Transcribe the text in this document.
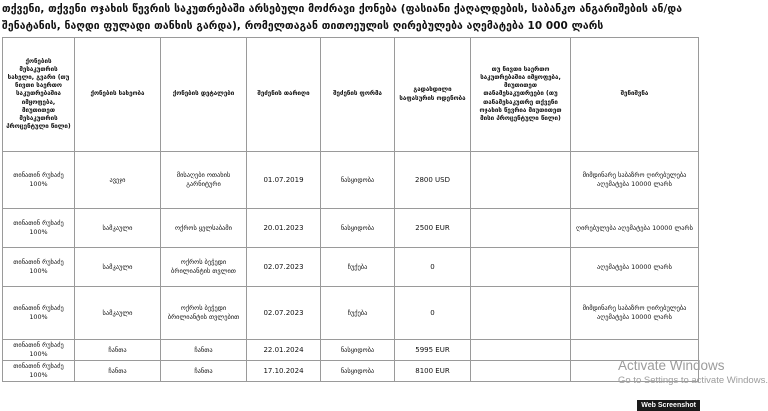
თქვენი, თქვენი ოჯახის წევრის საკუთრებაში არსებული მოძრავი ქონება (ფასიანი ქაღალდების, საბანკო ანგარიშების ან/და შენატანის, ნაღდი ფულადი თანხის გარდა), რომელთაგან თითოეულის ღირებულება აღემატება 10 000 ლარს
ქონების მესაკუთრის სახელი, გვარი (თუ ნივთი საერთო საკუთრებაშია იმყოფება, მიუთითეთ მესაკუთრის პროცენტული წილი)	ქონების სახეობა	ქონების დეტალები	შეძენის თარიღი	შეძენის ფორმა	გადახდილი საფასურის ოდენობა	თუ ნივთი საერთო საკუთრებაშია იმყოფება, მიუთითეთ თანამესაკუთრეები (თუ თანამესაკუთრე თქვენი ოჯახის წევრია მიუთითეთ მისი პროცენტული წილი)	შენიშვნა
თინათინ რუხაძე 100%	ავეჯი	მისაღები ოთახის გარნიტური	01.07.2019	ნასყიდობა	2800 USD		მიმდინარე საბაზრო ღირებულება აღემატება 10000 ლარს
თინათინ რუხაძე 100%	სამკაული	ოქროს ყელსაბამი	20.01.2023	ნასყიდობა	2500 EUR		ღირებულება აღემატება 10000 ლარს
თინათინ რუხაძე 100%	სამკაული	ოქროს ბეჭედი ბრილიანტის თვლით	02.07.2023	ჩუქება	0		აღემატება 10000 ლარს
თინათინ რუხაძე 100%	სამკაული	ოქროს ბეჭედი ბრილიანტის თვლებით	02.07.2023	ჩუქება	0		მიმდინარე საბაზრო ღირებულება აღემატება 10000 ლარს
თინათინ რუხაძე 100%	ჩანთა	ჩანთა	22.01.2024	ნასყიდობა	5995 EUR		
თინათინ რუხაძე 100%	ჩანთა	ჩანთა	17.10.2024	ნასყიდობა	8100 EUR			Activate Windows
Go to Settings to activate Windows.
Web Screenshot
